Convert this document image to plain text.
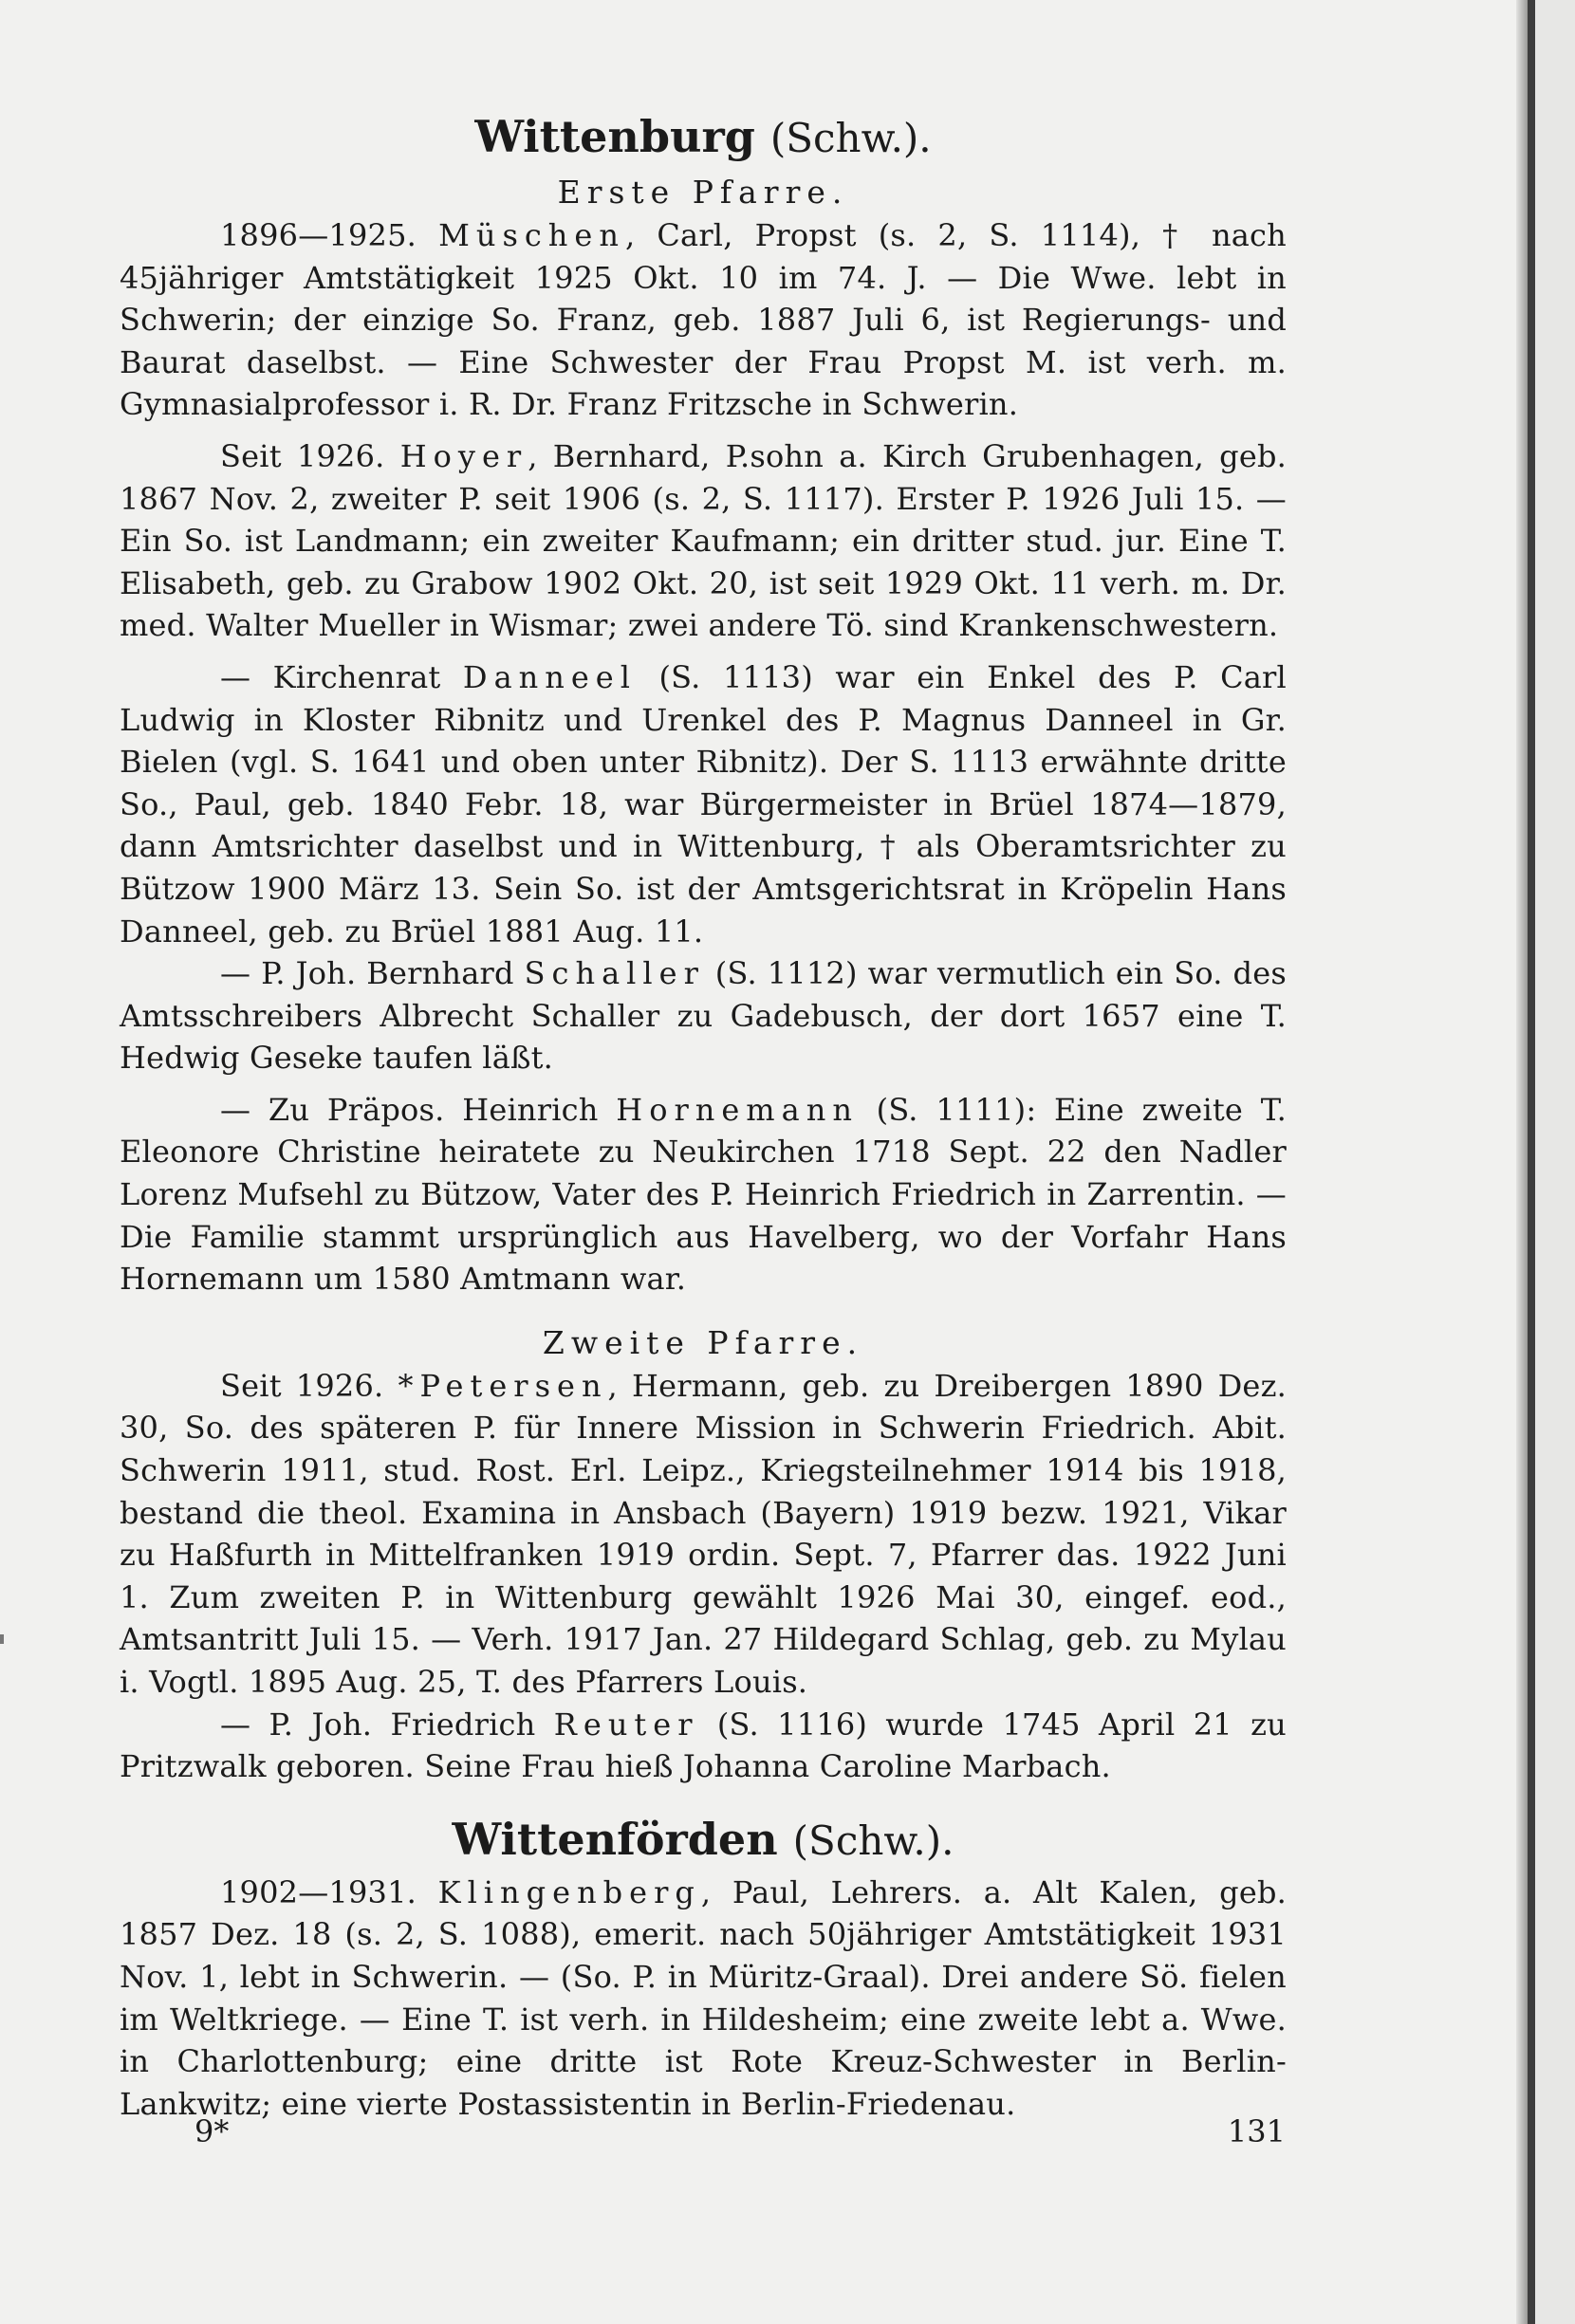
Wittenburg (Schw.).
Erste Pfarre.

1896—1925. Müschen, Carl, Propst (s. 2, S. 1114), † nach 45jähriger Amtstätigkeit 1925 Okt. 10 im 74. J. — Die Wwe. lebt in Schwerin; der einzige So. Franz, geb. 1887 Juli 6, ist Regierungs- und Baurat daselbst. — Eine Schwester der Frau Propst M. ist verh. m. Gymnasialprofessor i. R. Dr. Franz Fritzsche in Schwerin.

Seit 1926. Hoyer, Bernhard, P.sohn a. Kirch Grubenhagen, geb. 1867 Nov. 2, zweiter P. seit 1906 (s. 2, S. 1117). Erster P. 1926 Juli 15. — Ein So. ist Landmann; ein zweiter Kaufmann; ein dritter stud. jur. Eine T. Elisabeth, geb. zu Grabow 1902 Okt. 20, ist seit 1929 Okt. 11 verh. m. Dr. med. Walter Mueller in Wismar; zwei andere Tö. sind Krankenschwestern.

— Kirchenrat Danneel (S. 1113) war ein Enkel des P. Carl Ludwig in Kloster Ribnitz und Urenkel des P. Magnus Danneel in Gr. Bielen (vgl. S. 1641 und oben unter Ribnitz). Der S. 1113 erwähnte dritte So., Paul, geb. 1840 Febr. 18, war Bürgermeister in Brüel 1874—1879, dann Amtsrichter daselbst und in Wittenburg, † als Oberamtsrichter zu Bützow 1900 März 13. Sein So. ist der Amtsgerichtsrat in Kröpelin Hans Danneel, geb. zu Brüel 1881 Aug. 11.

— P. Joh. Bernhard Schaller (S. 1112) war vermutlich ein So. des Amtsschreibers Albrecht Schaller zu Gadebusch, der dort 1657 eine T. Hedwig Geseke taufen läßt.

— Zu Präpos. Heinrich Hornemann (S. 1111): Eine zweite T. Eleonore Christine heiratete zu Neukirchen 1718 Sept. 22 den Nadler Lorenz Mufsehl zu Bützow, Vater des P. Heinrich Friedrich in Zarrentin. — Die Familie stammt ursprünglich aus Havelberg, wo der Vorfahr Hans Hornemann um 1580 Amtmann war.

Zweite Pfarre.

Seit 1926. *Petersen, Hermann, geb. zu Dreibergen 1890 Dez. 30, So. des späteren P. für Innere Mission in Schwerin Friedrich. Abit. Schwerin 1911, stud. Rost. Erl. Leipz., Kriegsteilnehmer 1914 bis 1918, bestand die theol. Examina in Ansbach (Bayern) 1919 bezw. 1921, Vikar zu Haßfurth in Mittelfranken 1919 ordin. Sept. 7, Pfarrer das. 1922 Juni 1. Zum zweiten P. in Wittenburg gewählt 1926 Mai 30, eingef. eod., Amtsantritt Juli 15. — Verh. 1917 Jan. 27 Hildegard Schlag, geb. zu Mylau i. Vogtl. 1895 Aug. 25, T. des Pfarrers Louis.

— P. Joh. Friedrich Reuter (S. 1116) wurde 1745 April 21 zu Pritzwalk geboren. Seine Frau hieß Johanna Caroline Marbach.

Wittenförden (Schw.).

1902—1931. Klingenberg, Paul, Lehrers. a. Alt Kalen, geb. 1857 Dez. 18 (s. 2, S. 1088), emerit. nach 50jähriger Amtstätigkeit 1931 Nov. 1, lebt in Schwerin. — (So. P. in Müritz-Graal). Drei andere Sö. fielen im Weltkriege. — Eine T. ist verh. in Hildesheim; eine zweite lebt a. Wwe. in Charlottenburg; eine dritte ist Rote Kreuz-Schwester in Berlin-Lankwitz; eine vierte Postassistentin in Berlin-Friedenau.

9*	131
